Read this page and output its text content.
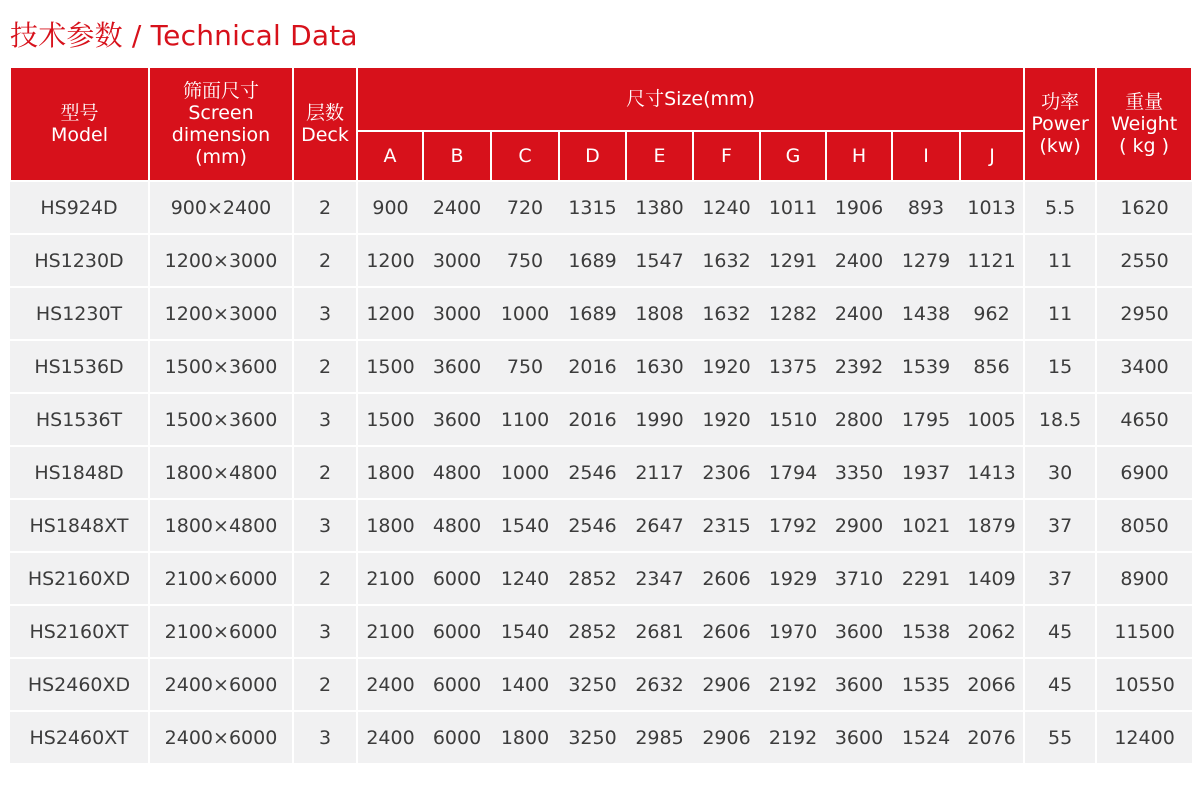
技术参数 / Technical Data
型号
Model	筛面尺寸
Screen
dimension
(mm)	层数
Deck	尺寸Size(mm)										功率
Power
(kw)	重量
Weight
( kg )

			A	B	C	D	E	F	G	H	I	J		
HS924D	900×2400	2	900	2400	720	1315	1380	1240	1011	1906	893	1013	5.5	1620
HS1230D	1200×3000	2	1200	3000	750	1689	1547	1632	1291	2400	1279	1121	11	2550
HS1230T	1200×3000	3	1200	3000	1000	1689	1808	1632	1282	2400	1438	962	11	2950
HS1536D	1500×3600	2	1500	3600	750	2016	1630	1920	1375	2392	1539	856	15	3400
HS1536T	1500×3600	3	1500	3600	1100	2016	1990	1920	1510	2800	1795	1005	18.5	4650
HS1848D	1800×4800	2	1800	4800	1000	2546	2117	2306	1794	3350	1937	1413	30	6900
HS1848XT	1800×4800	3	1800	4800	1540	2546	2647	2315	1792	2900	1021	1879	37	8050
HS2160XD	2100×6000	2	2100	6000	1240	2852	2347	2606	1929	3710	2291	1409	37	8900
HS2160XT	2100×6000	3	2100	6000	1540	2852	2681	2606	1970	3600	1538	2062	45	11500
HS2460XD	2400×6000	2	2400	6000	1400	3250	2632	2906	2192	3600	1535	2066	45	10550
HS2460XT	2400×6000	3	2400	6000	1800	3250	2985	2906	2192	3600	1524	2076	55	12400
